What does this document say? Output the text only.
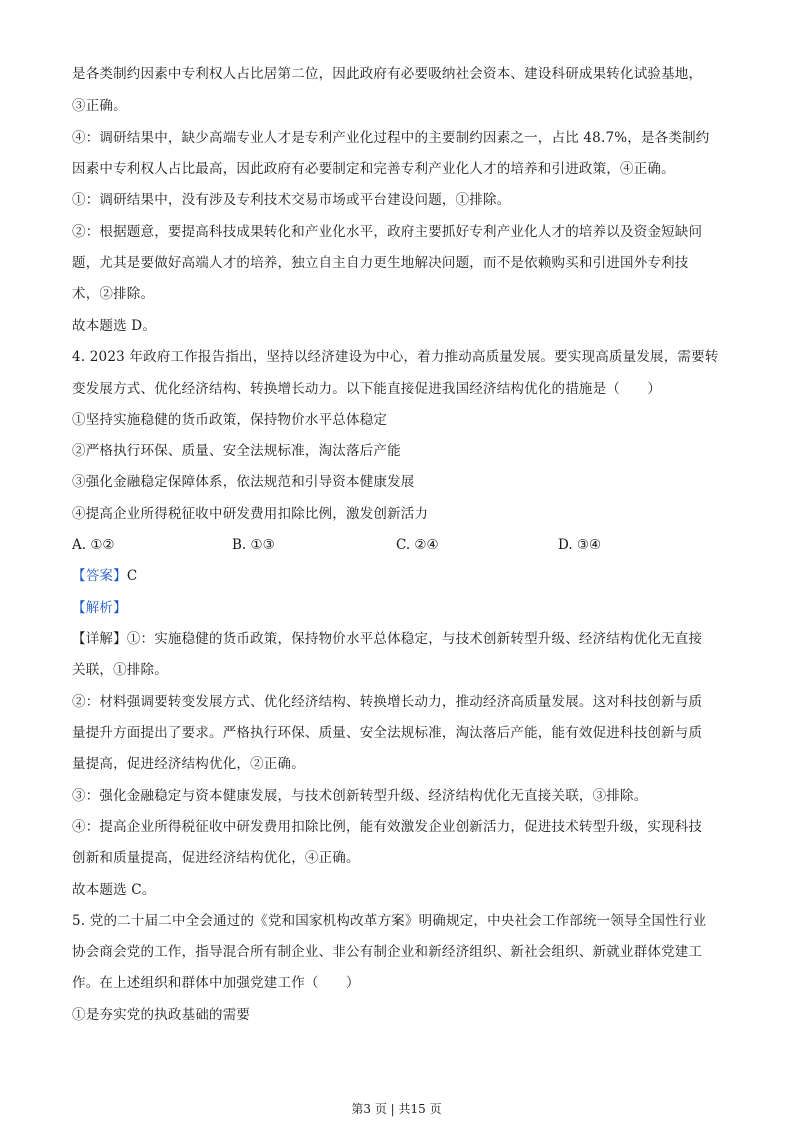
是各类制约因素中专利权人占比居第二位，因此政府有必要吸纳社会资本、建设科研成果转化试验基地，
③正确。
④：调研结果中，缺少高端专业人才是专利产业化过程中的主要制约因素之一，占比 48.7%，是各类制约
因素中专利权人占比最高，因此政府有必要制定和完善专利产业化人才的培养和引进政策，④正确。
①：调研结果中，没有涉及专利技术交易市场或平台建设问题，①排除。
②：根据题意，要提高科技成果转化和产业化水平，政府主要抓好专利产业化人才的培养以及资金短缺问
题，尤其是要做好高端人才的培养，独立自主自力更生地解决问题，而不是依赖购买和引进国外专利技
术，②排除。
故本题选 D。
4. 2023 年政府工作报告指出，坚持以经济建设为中心，着力推动高质量发展。要实现高质量发展，需要转
变发展方式、优化经济结构、转换增长动力。以下能直接促进我国经济结构优化的措施是（　　）
①坚持实施稳健的货币政策，保持物价水平总体稳定
②严格执行环保、质量、安全法规标准，淘汰落后产能
③强化金融稳定保障体系，依法规范和引导资本健康发展
④提高企业所得税征收中研发费用扣除比例，激发创新活力
A. ①②	B. ①③	C. ②④	D. ③④
【答案】C
【解析】
【详解】①：实施稳健的货币政策，保持物价水平总体稳定，与技术创新转型升级、经济结构优化无直接
关联，①排除。
②：材料强调要转变发展方式、优化经济结构、转换增长动力，推动经济高质量发展。这对科技创新与质
量提升方面提出了要求。严格执行环保、质量、安全法规标准，淘汰落后产能，能有效促进科技创新与质
量提高，促进经济结构优化，②正确。
③：强化金融稳定与资本健康发展，与技术创新转型升级、经济结构优化无直接关联，③排除。
④：提高企业所得税征收中研发费用扣除比例，能有效激发企业创新活力，促进技术转型升级，实现科技
创新和质量提高，促进经济结构优化，④正确。
故本题选 C。
5. 党的二十届二中全会通过的《党和国家机构改革方案》明确规定，中央社会工作部统一领导全国性行业
协会商会党的工作，指导混合所有制企业、非公有制企业和新经济组织、新社会组织、新就业群体党建工
作。在上述组织和群体中加强党建工作（　　）
①是夯实党的执政基础的需要
第3 页 | 共15 页
